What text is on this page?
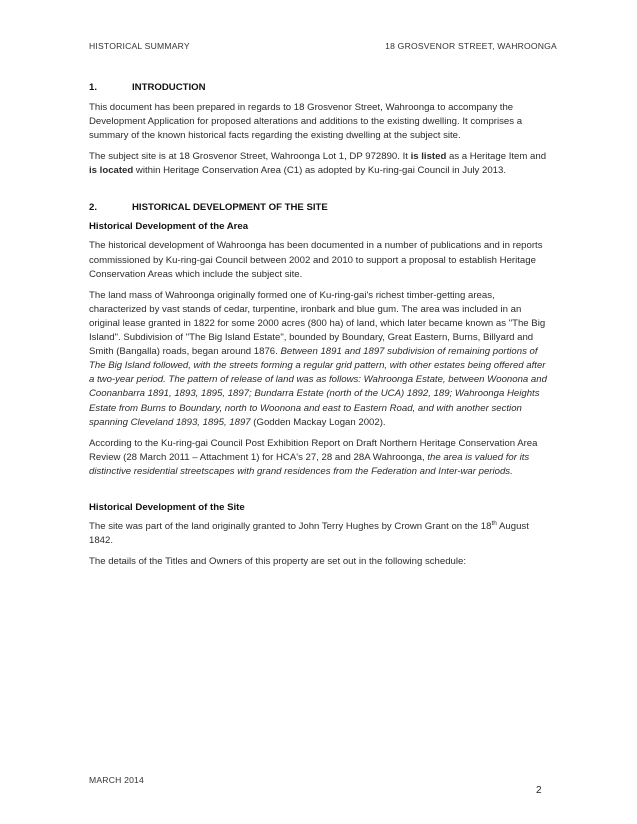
HISTORICAL SUMMARY	18 GROSVENOR STREET, WAHROONGA
1.	INTRODUCTION

This document has been prepared in regards to 18 Grosvenor Street, Wahroonga to accompany the Development Application for proposed alterations and additions to the existing dwelling. It comprises a summary of the known historical facts regarding the existing dwelling at the subject site.

The subject site is at 18 Grosvenor Street, Wahroonga Lot 1, DP 972890. It is listed as a Heritage Item and is located within Heritage Conservation Area (C1) as adopted by Ku-ring-gai Council in July 2013.

2.	HISTORICAL DEVELOPMENT OF THE SITE
Historical Development of the Area

The historical development of Wahroonga has been documented in a number of publications and in reports commissioned by Ku-ring-gai Council between 2002 and 2010 to support a proposal to establish Heritage Conservation Areas which include the subject site.

The land mass of Wahroonga originally formed one of Ku-ring-gai's richest timber-getting areas, characterized by vast stands of cedar, turpentine, ironbark and blue gum. The area was included in an original lease granted in 1822 for some 2000 acres (800 ha) of land, which later became known as "The Big Island". Subdivision of "The Big Island Estate", bounded by Boundary, Great Eastern, Burns, Billyard and Smith (Bangalla) roads, began around 1876. Between 1891 and 1897 subdivision of remaining portions of The Big Island followed, with the streets forming a regular grid pattern, with other estates being offered after a two-year period. The pattern of release of land was as follows: Wahroonga Estate, between Woonona and Coonanbarra 1891, 1893, 1895, 1897; Bundarra Estate (north of the UCA) 1892, 189; Wahroonga Heights Estate from Burns to Boundary, north to Woonona and east to Eastern Road, and with another section spanning Cleveland 1893, 1895, 1897 (Godden Mackay Logan 2002).

According to the Ku-ring-gai Council Post Exhibition Report on Draft Northern Heritage Conservation Area Review (28 March 2011 – Attachment 1) for HCA's 27, 28 and 28A Wahroonga, the area is valued for its distinctive residential streetscapes with grand residences from the Federation and Inter-war periods.

Historical Development of the Site

The site was part of the land originally granted to John Terry Hughes by Crown Grant on the 18th August 1842.

The details of the Titles and Owners of this property are set out in the following schedule:

MARCH 2014
2
